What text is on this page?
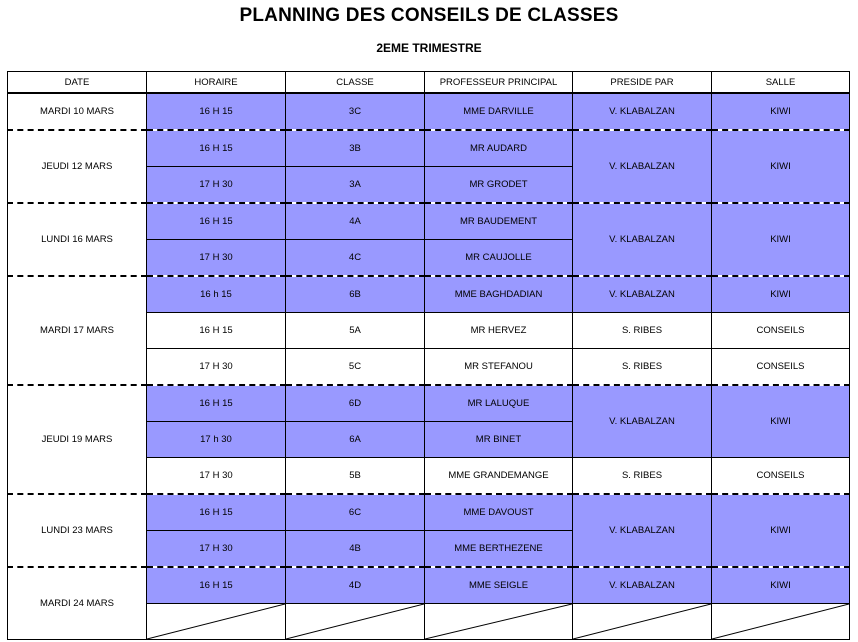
PLANNING DES CONSEILS DE CLASSES
2EME TRIMESTRE
DATE	HORAIRE	CLASSE	PROFESSEUR PRINCIPAL	PRESIDE PAR	SALLE
MARDI 10 MARS	16 H 15	3C	MME DARVILLE	V. KLABALZAN	KIWI
JEUDI 12 MARS	16 H 15	3B	MR AUDARD	V. KLABALZAN	KIWI
	17 H 30	3A	MR GRODET		
LUNDI 16 MARS	16 H 15	4A	MR BAUDEMENT	V. KLABALZAN	KIWI
	17 H 30	4C	MR CAUJOLLE		
MARDI 17 MARS	16 h 15	6B	MME BAGHDADIAN	V. KLABALZAN	KIWI
	16 H 15	5A	MR HERVEZ	S. RIBES	CONSEILS
	17 H 30	5C	MR STEFANOU	S. RIBES	CONSEILS
JEUDI 19 MARS	16 H 15	6D	MR LALUQUE	V. KLABALZAN	KIWI
	17 h 30	6A	MR BINET		
	17 H 30	5B	MME GRANDEMANGE	S. RIBES	CONSEILS
LUNDI 23 MARS	16 H 15	6C	MME DAVOUST	V. KLABALZAN	KIWI
	17 H 30	4B	MME BERTHEZENE		
MARDI 24 MARS	16 H 15	4D	MME SEIGLE	V. KLABALZAN	KIWI
